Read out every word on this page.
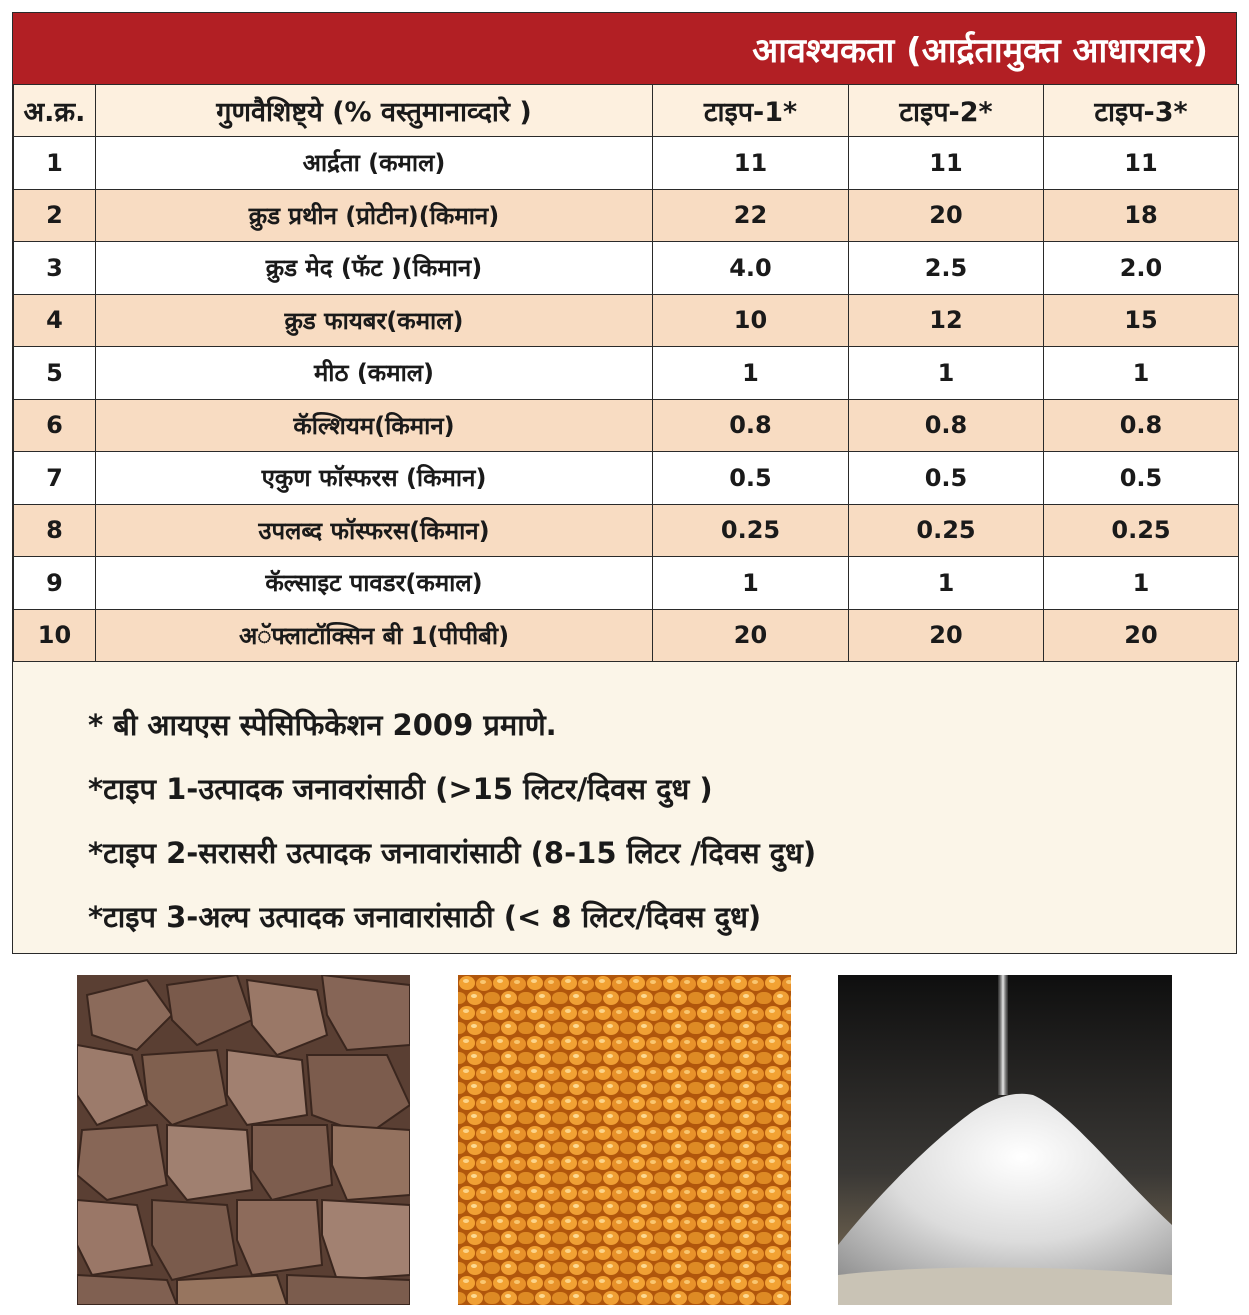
आवश्यकता (आर्द्रतामुक्त आधारावर)
अ.क्र.	गुणवैशिष्ट्ये (% वस्तुमानाव्दारे )	टाइप-1*	टाइप-2*	टाइप-3*
1	आर्द्रता (कमाल)	11	11	11
2	क्रुड प्रथीन (प्रोटीन)(किमान)	22	20	18
3	क्रुड मेद (फॅट )(किमान)	4.0	2.5	2.0
4	क्रुड फायबर(कमाल)	10	12	15
5	मीठ (कमाल)	1	1	1
6	कॅल्शियम(किमान)	0.8	0.8	0.8
7	एकुण फॉस्फरस (किमान)	0.5	0.5	0.5
8	उपलब्द फॉस्फरस(किमान)	0.25	0.25	0.25
9	कॅल्साइट पावडर(कमाल)	1	1	1
10	अॅफ्लाटॉक्सिन बी 1(पीपीबी)	20	20	20
* बी आयएस स्पेसिफिकेशन 2009 प्रमाणे.
*टाइप 1-उत्पादक जनावरांसाठी (>15 लिटर/दिवस दुध )
*टाइप 2-सरासरी उत्पादक जनावारांसाठी (8-15 लिटर /दिवस दुध)
*टाइप 3-अल्प उत्पादक जनावारांसाठी (< 8 लिटर/दिवस दुध)
